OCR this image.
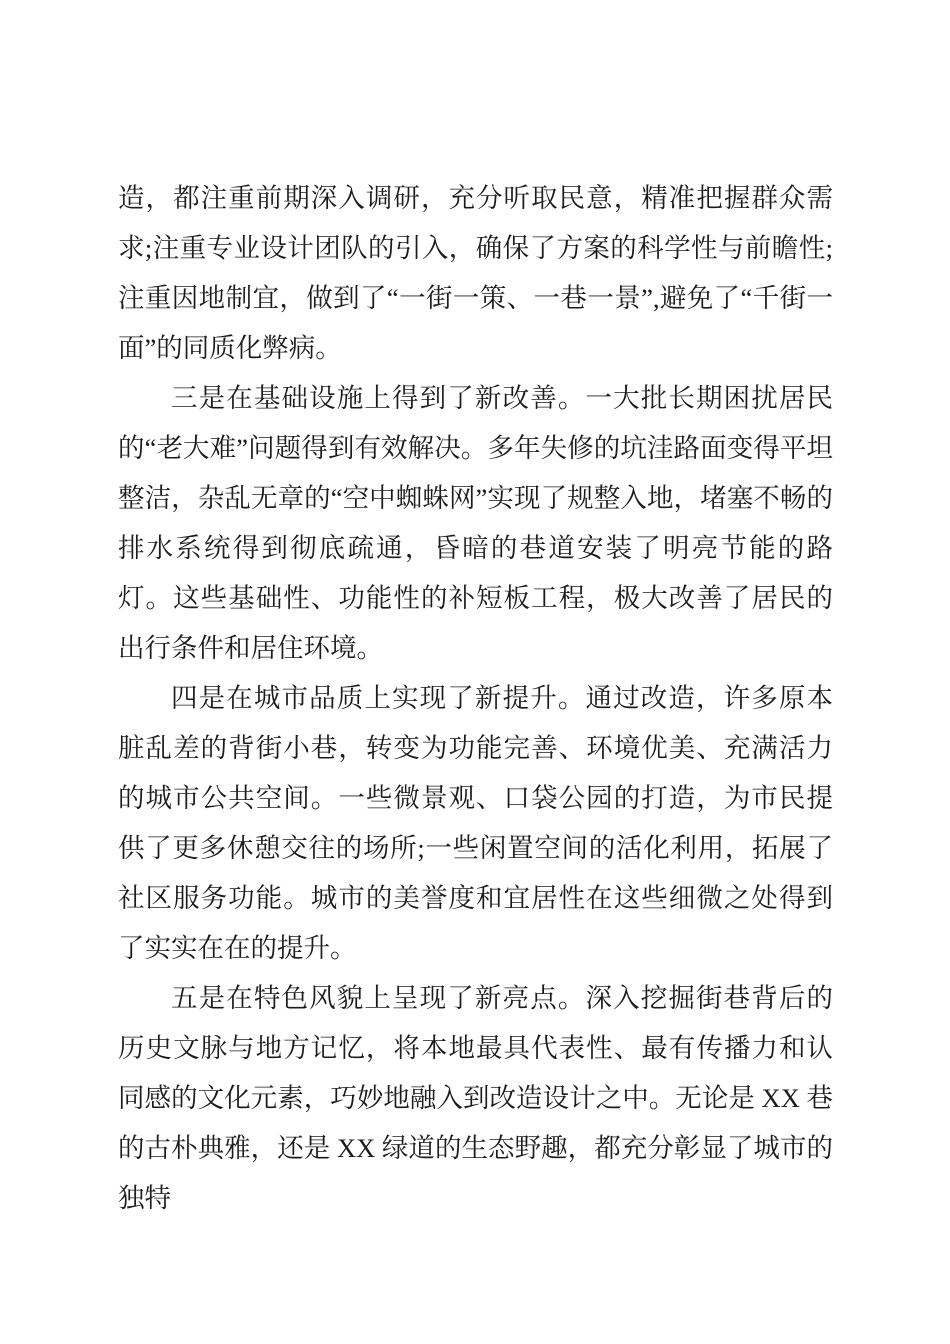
造，都注重前期深入调研，充分听取民意，精准把握群众需求;注重专业设计团队的引入，确保了方案的科学性与前瞻性;注重因地制宜，做到了“一街一策、一巷一景”,避免了“千街一面”的同质化弊病。

三是在基础设施上得到了新改善。一大批长期困扰居民的“老大难”问题得到有效解决。多年失修的坑洼路面变得平坦整洁，杂乱无章的“空中蜘蛛网”实现了规整入地，堵塞不畅的排水系统得到彻底疏通，昏暗的巷道安装了明亮节能的路灯。这些基础性、功能性的补短板工程，极大改善了居民的出行条件和居住环境。

四是在城市品质上实现了新提升。通过改造，许多原本脏乱差的背街小巷，转变为功能完善、环境优美、充满活力的城市公共空间。一些微景观、口袋公园的打造，为市民提供了更多休憩交往的场所;一些闲置空间的活化利用，拓展了社区服务功能。城市的美誉度和宜居性在这些细微之处得到了实实在在的提升。

五是在特色风貌上呈现了新亮点。深入挖掘街巷背后的历史文脉与地方记忆，将本地最具代表性、最有传播力和认同感的文化元素，巧妙地融入到改造设计之中。无论是 XX 巷的古朴典雅，还是 XX 绿道的生态野趣，都充分彰显了城市的独特
